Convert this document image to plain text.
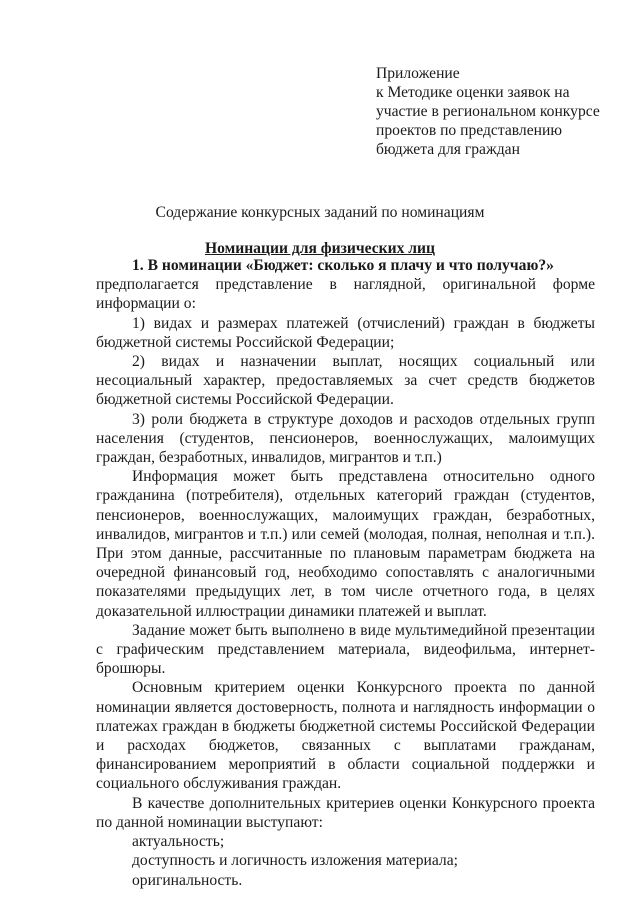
Приложение
к Методике оценки заявок на
участие в региональном конкурсе
проектов по представлению
бюджета для граждан
Содержание конкурсных заданий по номинациям
Номинации для физических лиц

1. В номинации «Бюджет: сколько я плачу и что получаю?»

предполагается представление в наглядной, оригинальной форме информации о:

1) видах и размерах платежей (отчислений) граждан в бюджеты бюджетной системы Российской Федерации;

2) видах и назначении выплат, носящих социальный или несоциальный характер, предоставляемых за счет средств бюджетов бюджетной системы Российской Федерации.

3) роли бюджета в структуре доходов и расходов отдельных групп населения (студентов, пенсионеров, военнослужащих, малоимущих граждан, безработных, инвалидов, мигрантов и т.п.)

Информация может быть представлена относительно одного гражданина (потребителя), отдельных категорий граждан (студентов, пенсионеров, военнослужащих, малоимущих граждан, безработных, инвалидов, мигрантов и т.п.) или семей (молодая, полная, неполная и т.п.). При этом данные, рассчитанные по плановым параметрам бюджета на очередной финансовый год, необходимо сопоставлять с аналогичными показателями предыдущих лет, в том числе отчетного года, в целях доказательной иллюстрации динамики платежей и выплат.

Задание может быть выполнено в виде мультимедийной презентации с графическим представлением материала, видеофильма, интернет-брошюры.

Основным критерием оценки Конкурсного проекта по данной номинации является достоверность, полнота и наглядность информации о платежах граждан в бюджеты бюджетной системы Российской Федерации и расходах бюджетов, связанных с выплатами гражданам, финансированием мероприятий в области социальной поддержки и социального обслуживания граждан.

В качестве дополнительных критериев оценки Конкурсного проекта по данной номинации выступают:

актуальность;

доступность и логичность изложения материала;

оригинальность.
